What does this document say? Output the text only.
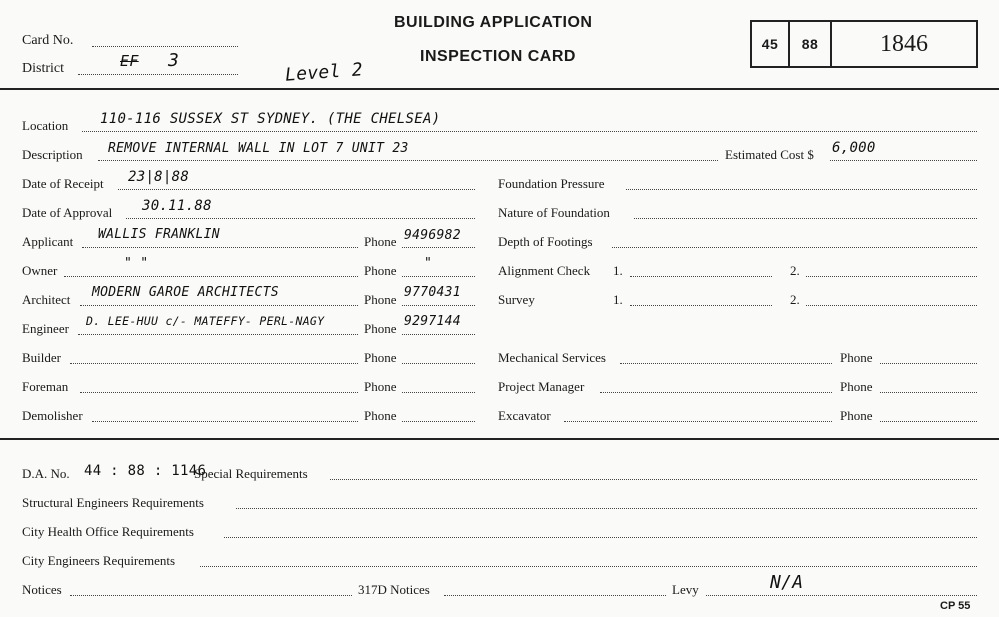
Card No.
District	EF 3	Level 2
BUILDING APPLICATION
INSPECTION CARD
45	88	1846
Location 110-116 SUSSEX ST SYDNEY. (THE CHELSEA)
Description REMOVE INTERNAL WALL IN LOT 7 UNIT 23	Estimated Cost $ 6,000
Date of Receipt 23|8|88
Date of Approval 30.11.88
Applicant WALLIS FRANKLIN	Phone 9496982
Owner	" "	Phone "
Architect MODERN GAROE ARCHITECTS	Phone 9770431
Engineer D. LEE-HUU c/- MATEFFY- PERL-NAGY	Phone 9297144
Builder	Phone
Foreman	Phone
Demolisher	Phone
Foundation Pressure
Nature of Foundation
Depth of Footings
Alignment Check 1.	2.
Survey	1.	2.
Mechanical Services	Phone
Project Manager	Phone
Excavator	Phone
D.A. No. 44 : 88 : 1146
Special Requirements
Structural Engineers Requirements
City Health Office Requirements
City Engineers Requirements
Notices	317D Notices	Levy	N/A
CP 55
